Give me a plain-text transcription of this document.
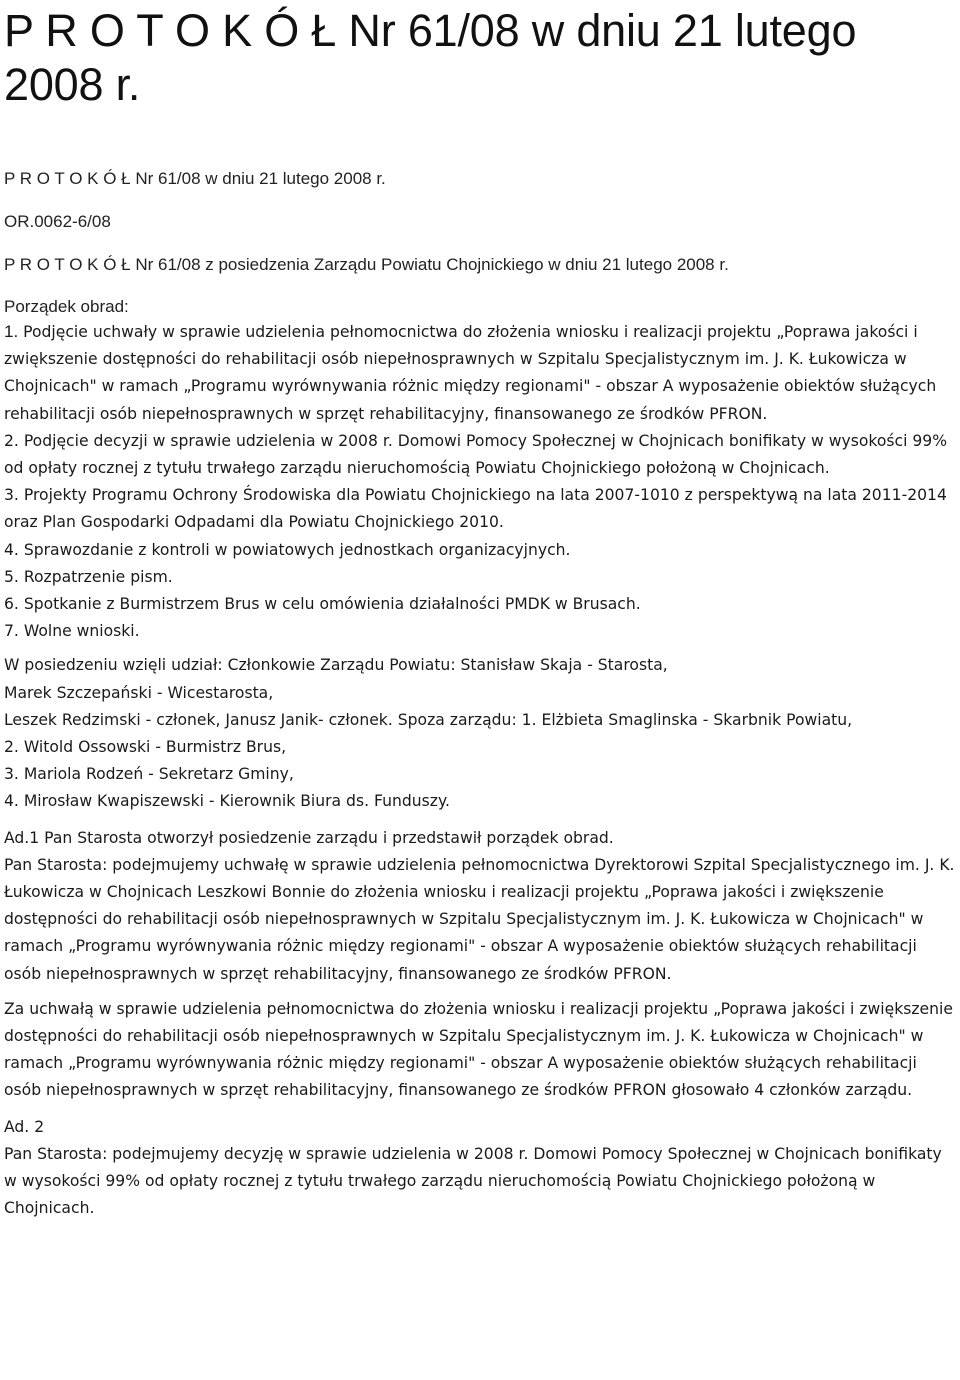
P R O T O K Ó Ł Nr 61/08 w dniu 21 lutego 2008 r.

P R O T O K Ó Ł Nr 61/08 w dniu 21 lutego 2008 r.

OR.0062-6/08

P R O T O K Ó Ł Nr 61/08 z posiedzenia Zarządu Powiatu Chojnickiego w dniu 21 lutego 2008 r.

Porządek obrad:

1. Podjęcie uchwały w sprawie udzielenia pełnomocnictwa do złożenia wniosku i realizacji projektu „Poprawa jakości i zwiększenie dostępności do rehabilitacji osób niepełnosprawnych w Szpitalu Specjalistycznym im. J. K. Łukowicza w Chojnicach" w ramach „Programu wyrównywania różnic między regionami" - obszar A wyposażenie obiektów służących rehabilitacji osób niepełnosprawnych w sprzęt rehabilitacyjny, finansowanego ze środków PFRON.
2. Podjęcie decyzji w sprawie udzielenia w 2008 r. Domowi Pomocy Społecznej w Chojnicach bonifikaty w wysokości 99% od opłaty rocznej z tytułu trwałego zarządu nieruchomością Powiatu Chojnickiego położoną w Chojnicach.
3. Projekty Programu Ochrony Środowiska dla Powiatu Chojnickiego na lata 2007-1010 z perspektywą na lata 2011-2014 oraz Plan Gospodarki Odpadami dla Powiatu Chojnickiego 2010.
4. Sprawozdanie z kontroli w powiatowych jednostkach organizacyjnych.
5. Rozpatrzenie pism.
6. Spotkanie z Burmistrzem Brus w celu omówienia działalności PMDK w Brusach.
7. Wolne wnioski.

W posiedzeniu wzięli udział: Członkowie Zarządu Powiatu: Stanisław Skaja - Starosta,

Marek Szczepański - Wicestarosta,

Leszek Redzimski - członek, Janusz Janik- członek. Spoza zarządu: 1. Elżbieta Smaglinska - Skarbnik Powiatu,

2. Witold Ossowski - Burmistrz Brus,

3. Mariola Rodzeń - Sekretarz Gminy,

4. Mirosław Kwapiszewski - Kierownik Biura ds. Funduszy.

Ad.1 Pan Starosta otworzył posiedzenie zarządu i przedstawił porządek obrad.

Pan Starosta: podejmujemy uchwałę w sprawie udzielenia pełnomocnictwa Dyrektorowi Szpital Specjalistycznego im. J. K. Łukowicza w Chojnicach Leszkowi Bonnie do złożenia wniosku i realizacji projektu „Poprawa jakości i zwiększenie dostępności do rehabilitacji osób niepełnosprawnych w Szpitalu Specjalistycznym im. J. K. Łukowicza w Chojnicach" w ramach „Programu wyrównywania różnic między regionami" - obszar A wyposażenie obiektów służących rehabilitacji osób niepełnosprawnych w sprzęt rehabilitacyjny, finansowanego ze środków PFRON.

Za uchwałą w sprawie udzielenia pełnomocnictwa do złożenia wniosku i realizacji projektu „Poprawa jakości i zwiększenie dostępności do rehabilitacji osób niepełnosprawnych w Szpitalu Specjalistycznym im. J. K. Łukowicza w Chojnicach" w ramach „Programu wyrównywania różnic między regionami" - obszar A wyposażenie obiektów służących rehabilitacji osób niepełnosprawnych w sprzęt rehabilitacyjny, finansowanego ze środków PFRON głosowało 4 członków zarządu.

Ad. 2

Pan Starosta: podejmujemy decyzję w sprawie udzielenia w 2008 r. Domowi Pomocy Społecznej w Chojnicach bonifikaty w wysokości 99% od opłaty rocznej z tytułu trwałego zarządu nieruchomością Powiatu Chojnickiego położoną w Chojnicach.
